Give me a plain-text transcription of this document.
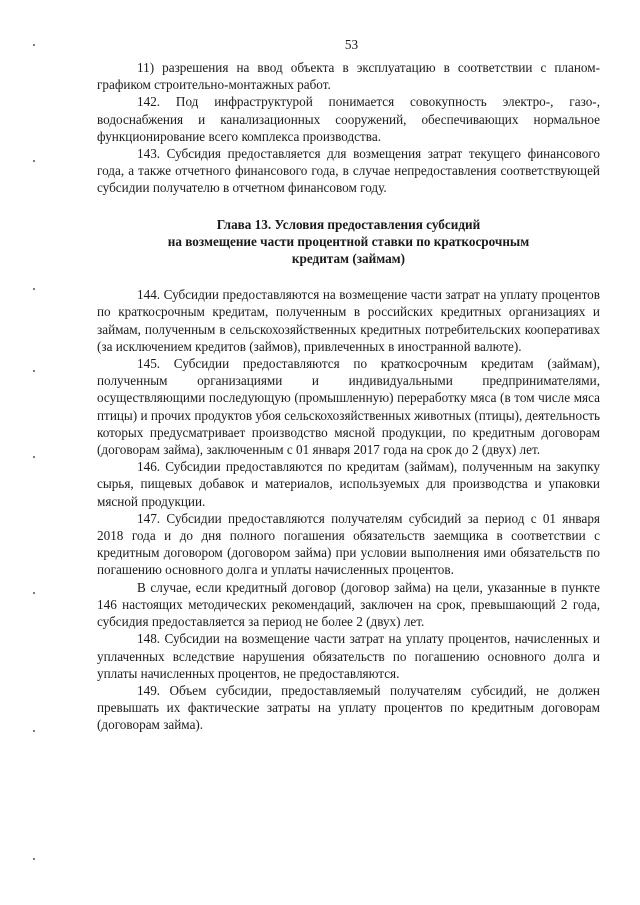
53

11) разрешения на ввод объекта в эксплуатацию в соответствии с планом-графиком строительно-монтажных работ.

142. Под инфраструктурой понимается совокупность электро-, газо-, водоснабжения и канализационных сооружений, обеспечивающих нормальное функционирование всего комплекса производства.

143. Субсидия предоставляется для возмещения затрат текущего финансового года, а также отчетного финансового года, в случае непредоставления соответствующей субсидии получателю в отчетном финансовом году.

Глава 13. Условия предоставления субсидий
на возмещение части процентной ставки по краткосрочным
кредитам (займам)

144. Субсидии предоставляются на возмещение части затрат на уплату процентов по краткосрочным кредитам, полученным в российских кредитных организациях и займам, полученным в сельскохозяйственных кредитных потребительских кооперативах (за исключением кредитов (займов), привлеченных в иностранной валюте).

145. Субсидии предоставляются по краткосрочным кредитам (займам), полученным организациями и индивидуальными предпринимателями, осуществляющими последующую (промышленную) переработку мяса (в том числе мяса птицы) и прочих продуктов убоя сельскохозяйственных животных (птицы), деятельность которых предусматривает производство мясной продукции, по кредитным договорам (договорам займа), заключенным с 01 января 2017 года на срок до 2 (двух) лет.

146. Субсидии предоставляются по кредитам (займам), полученным на закупку сырья, пищевых добавок и материалов, используемых для производства и упаковки мясной продукции.

147. Субсидии предоставляются получателям субсидий за период с 01 января 2018 года и до дня полного погашения обязательств заемщика в соответствии с кредитным договором (договором займа) при условии выполнения ими обязательств по погашению основного долга и уплаты начисленных процентов.

В случае, если кредитный договор (договор займа) на цели, указанные в пункте 146 настоящих методических рекомендаций, заключен на срок, превышающий 2 года, субсидия предоставляется за период не более 2 (двух) лет.

148. Субсидии на возмещение части затрат на уплату процентов, начисленных и уплаченных вследствие нарушения обязательств по погашению основного долга и уплаты начисленных процентов, не предоставляются.

149. Объем субсидии, предоставляемый получателям субсидий, не должен превышать их фактические затраты на уплату процентов по кредитным договорам (договорам займа).
